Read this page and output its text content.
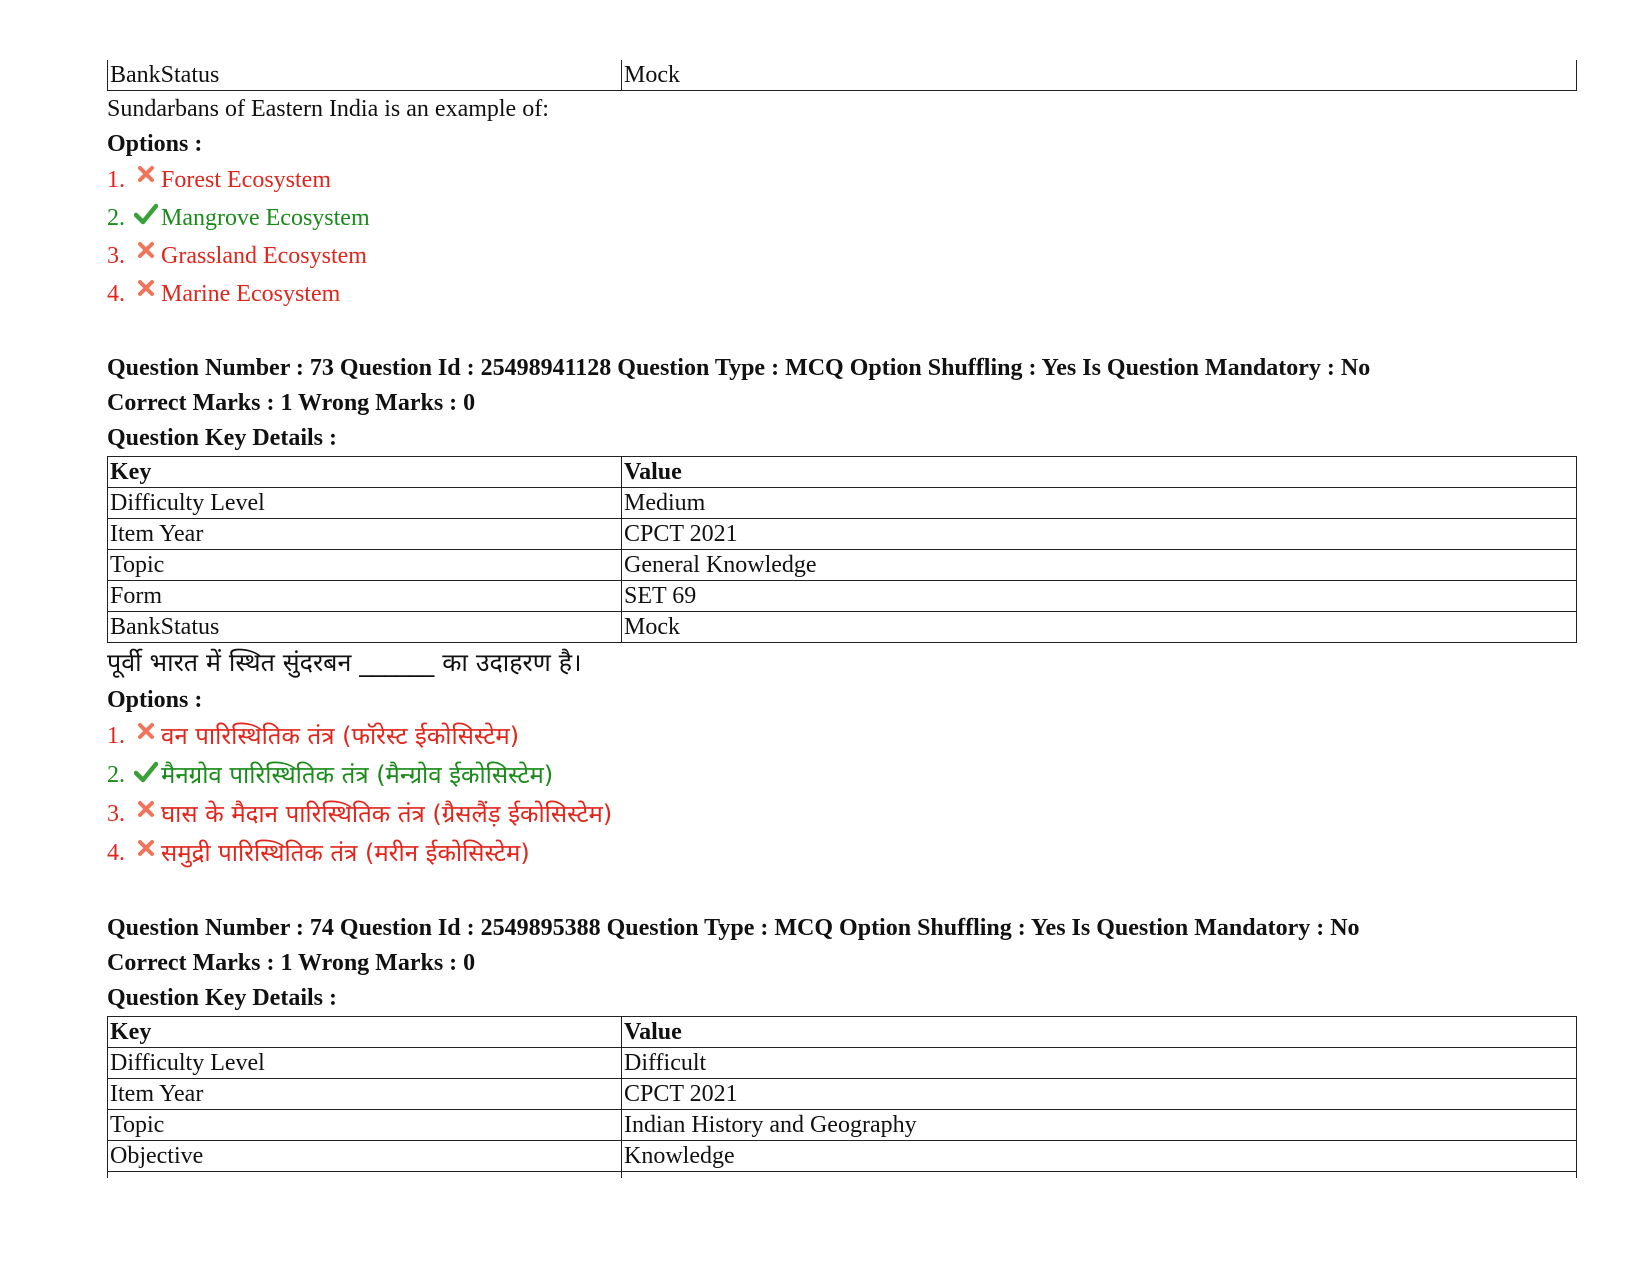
BankStatus	Mock

Sundarbans of Eastern India is an example of:

Options :
1. Forest Ecosystem
2. Mangrove Ecosystem
3. Grassland Ecosystem
4. Marine Ecosystem
Question Number : 73 Question Id : 25498941128 Question Type : MCQ Option Shuffling : Yes Is Question Mandatory : No
Correct Marks : 1 Wrong Marks : 0
Question Key Details :
Key	Value
Difficulty Level	Medium
Item Year	CPCT 2021
Topic	General Knowledge
Form	SET 69
BankStatus	Mock

पूर्वी भारत में स्थित सुंदरबन ______ का उदाहरण है।

Options :
1. वन पारिस्थितिक तंत्र (फॉरेस्ट ईकोसिस्टेम)
2. मैनग्रोव पारिस्थितिक तंत्र (मैन्ग्रोव ईकोसिस्टेम)
3. घास के मैदान पारिस्थितिक तंत्र (ग्रैसलैंड़ ईकोसिस्टेम)
4. समुद्री पारिस्थितिक तंत्र (मरीन ईकोसिस्टेम)
Question Number : 74 Question Id : 2549895388 Question Type : MCQ Option Shuffling : Yes Is Question Mandatory : No
Correct Marks : 1 Wrong Marks : 0
Question Key Details :
Key	Value
Difficulty Level	Difficult
Item Year	CPCT 2021
Topic	Indian History and Geography
Objective	Knowledge
